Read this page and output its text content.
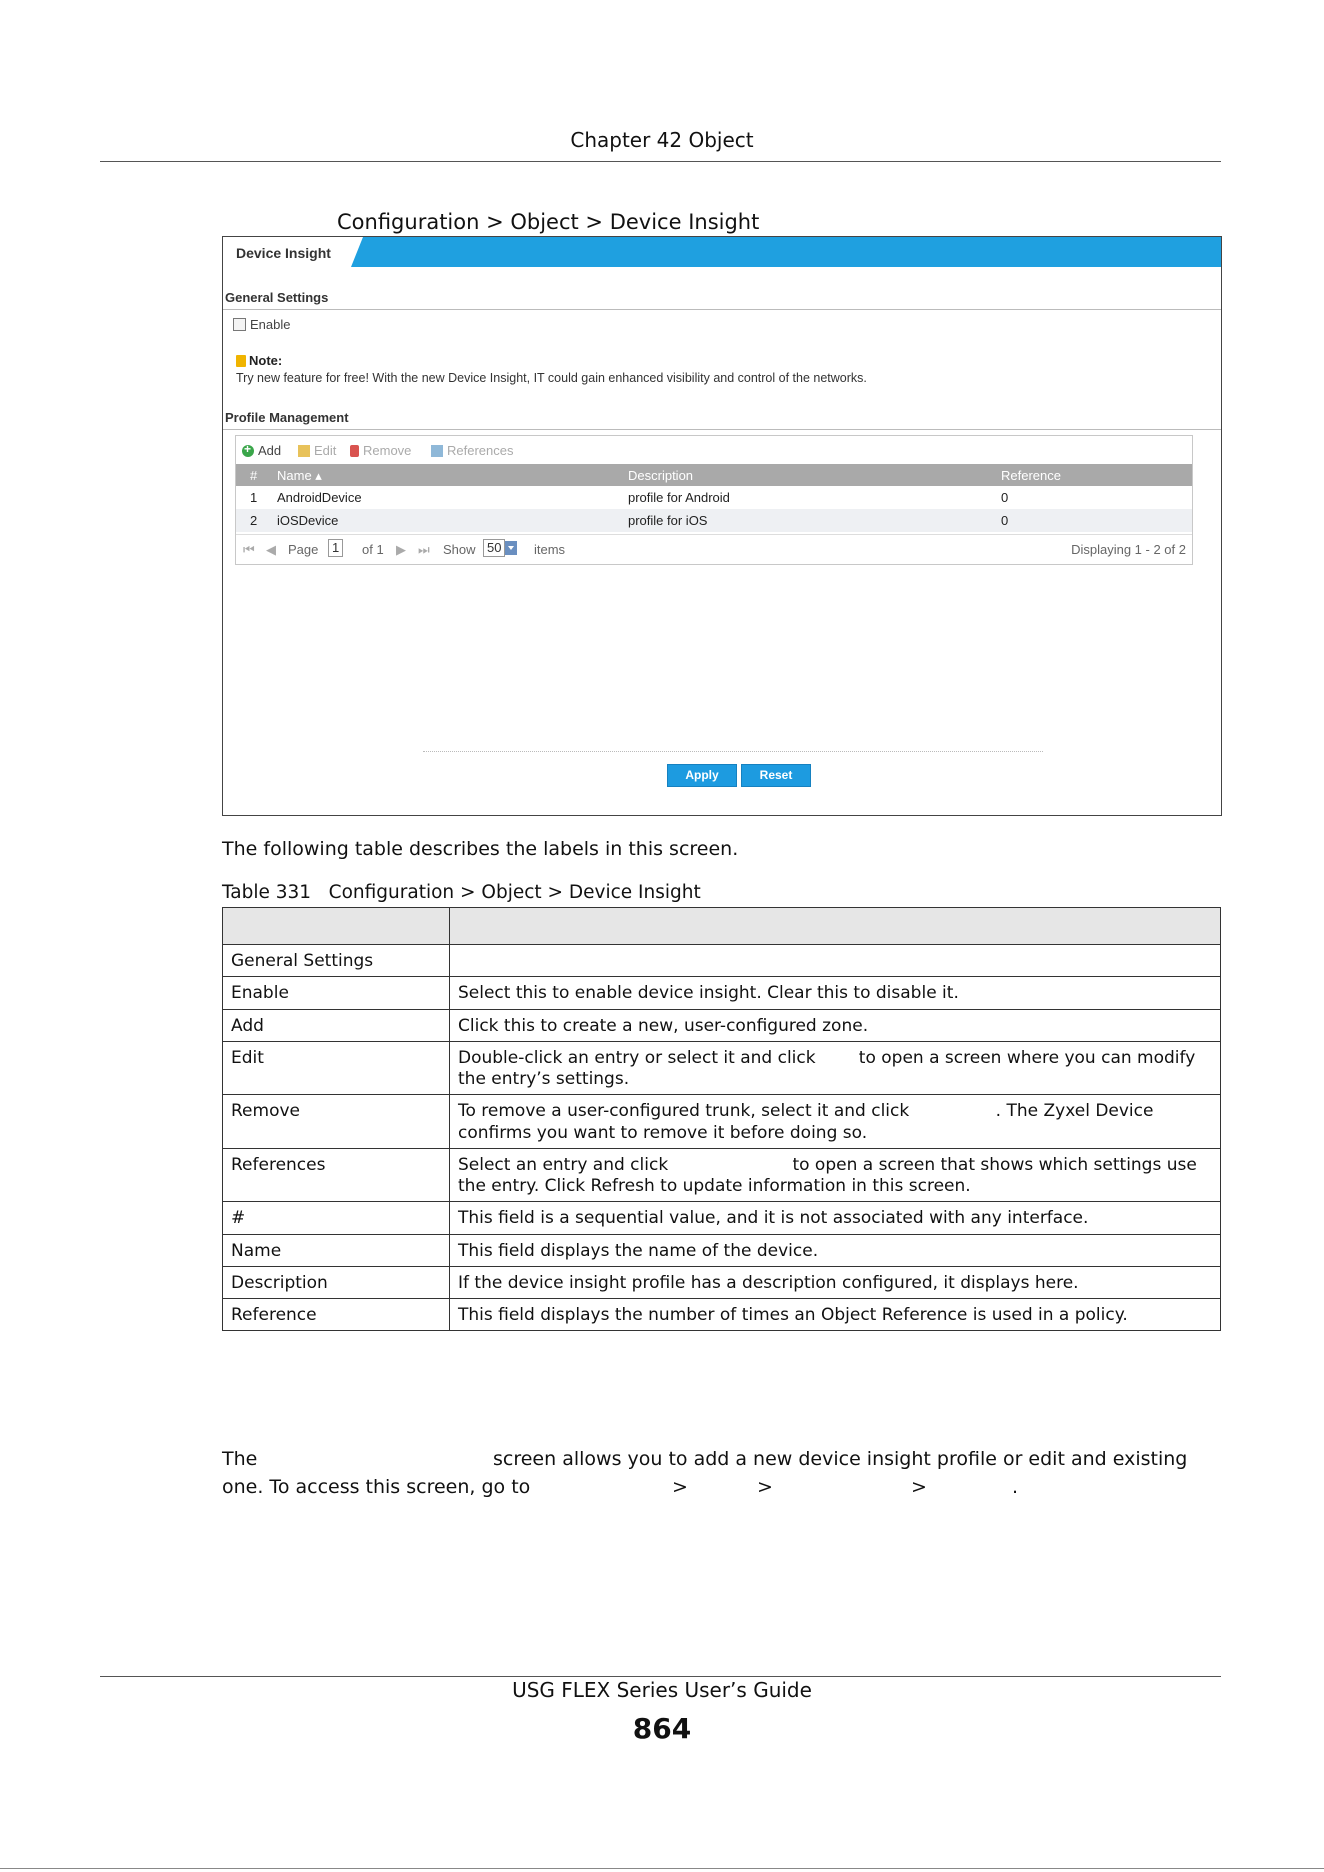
Chapter 42 Object
Configuration > Object > Device Insight
Device Insight
General Settings
Enable
Note:
Try new feature for free! With the new Device Insight, IT could gain enhanced visibility and control of the networks.
Profile Management
+Add	Edit	Remove	References
# Name ▴	Description	Reference
1 AndroidDevice	profile for Android	0
2 iOSDevice	profile for iOS	0
⏮ ◀ Page	1	of 1 ▶ ⏭ Show 50	items	Displaying 1 - 2 of 2
Apply	Reset
The following table describes the labels in this screen.
Table 331   Configuration > Object > Device Insight

General Settings	
Enable	Select this to enable device insight. Clear this to disable it.
Add	Click this to create a new, user-configured zone.
Edit	Double-click an entry or select it and click        to open a screen where you can modify the entry’s settings.
Remove	To remove a user-configured trunk, select it and click                . The Zyxel Device confirms you want to remove it before doing so.
References	Select an entry and click                       to open a screen that shows which settings use the entry. Click Refresh to update information in this screen.
#	This field is a sequential value, and it is not associated with any interface.
Name	This field displays the name of the device.
Description	If the device insight profile has a description configured, it displays here.
Reference	This field displays the number of times an Object Reference is used in a policy.
The	screen allows you to add a new device insight profile or edit and existing
one. To access this screen, go to	>	>	>	.
USG FLEX Series User’s Guide
864
